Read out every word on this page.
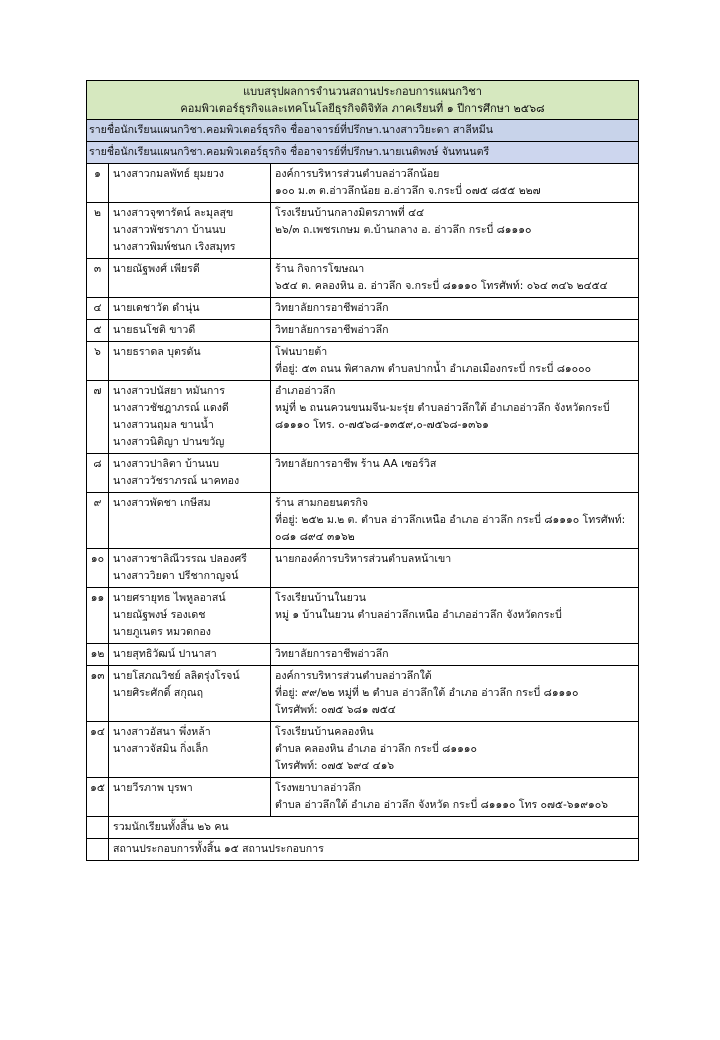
แบบสรุปผลการจำนวนสถานประกอบการแผนกวิชา
คอมพิวเตอร์ธุรกิจและเทคโนโลยีธุรกิจดิจิทัล ภาคเรียนที่ ๑ ปีการศึกษา ๒๕๖๘		

รายชื่อนักเรียนแผนกวิชา.คอมพิวเตอร์ธุรกิจ ชื่ออาจารย์ที่ปรึกษา.นางสาววิยะดา สาลีหมีน		
รายชื่อนักเรียนแผนกวิชา.คอมพิวเตอร์ธุรกิจ ชื่ออาจารย์ที่ปรึกษา.นายเนติพงษ์ จันทนนตรี		
๑	นางสาวกมลพัทธ์ ยุมยวง	องค์การบริหารส่วนตำบลอ่าวลึกน้อย
๑๐๐ ม.๓ ต.อ่าวลึกน้อย อ.อ่าวลึก จ.กระบี่ ๐๗๕ ๘๕๕ ๒๒๗

๒	นางสาวจุฑารัตน์ ละมุลสุข
นางสาวพัชราภา บ้านนบ
นางสาวพิมพ์ชนก เริงสมุทร	โรงเรียนบ้านกลางมิตรภาพที่ ๔๔
๒๖/๓ ถ.เพชรเกษม ต.บ้านกลาง อ. อ่าวลึก กระบี่ ๘๑๑๑๐

๓	นายณัฐพงศ์ เพียรดี	ร้าน กิจการโฆษณา
๖๕๔ ต. คลองหิน อ. อ่าวลึก จ.กระบี่ ๘๑๑๑๐ โทรศัพท์: ๐๖๔ ๓๔๖ ๒๔๕๔

๔	นายเดชาวัต ดำนุ่น	วิทยาลัยการอาชีพอ่าวลึก

๕	นายธนโชติ ขาวดี	วิทยาลัยการอาชีพอ่าวลึก

๖	นายธราดล บุตรดัน	โฟนบายต้า
ที่อยู่: ๕๓ ถนน พิศาลภพ ตำบลปากน้ำ อำเภอเมืองกระบี่ กระบี่ ๘๑๐๐๐

๗	นางสาวปนัสยา หมันการ
นางสาวชัชฎาภรณ์ แดงดี
นางสาวนฤมล ขานน้ำ
นางสาวนิติญา ปานขวัญ	อำเภออ่าวลึก
หมู่ที่ ๒ ถนนควนขนมจีน-มะรุ่ย ตำบลอ่าวลึกใต้ อำเภออ่าวลึก จังหวัดกระบี่
๘๑๑๑๐ โทร. ๐-๗๕๖๘-๑๓๕๙,๐-๗๕๖๘-๑๓๖๑

๘	นางสาวปาลิตา บ้านนบ
นางสาววัชราภรณ์ นาคทอง	วิทยาลัยการอาชีพ ร้าน AA เซอร์วิส

๙	นางสาวพัดชา เกษีสม	ร้าน สามกอยนตรกิจ
ที่อยู่: ๒๕๒ ม.๒ ต. ตำบล อ่าวลึกเหนือ อำเภอ อ่าวลึก กระบี่ ๘๑๑๑๐ โทรศัพท์:
๐๘๑ ๘๙๔ ๓๑๖๒

๑๐	นางสาวชาลิณีวรรณ ปลองศรี
นางสาววิยดา ปรีชากาญจน์	นายกองค์การบริหารส่วนตำบลหน้าเขา

๑๑	นายศรายุทธ ไพหูลอาสน์
นายณัฐพงษ์ รองเดช
นายภูเนตร หมวดกอง	โรงเรียนบ้านในยวน
หมู่ ๑ บ้านในยวน ตำบลอ่าวลึกเหนือ อำเภออ่าวลึก จังหวัดกระบี่

๑๒	นายสุทธิวัฒน์ ปานาสา	วิทยาลัยการอาชีพอ่าวลึก

๑๓	นายโสภณวิชย์ ลลิตรุ่งโรจน์
นายศิระศักดิ์ สกุณฤ	องค์การบริหารส่วนตำบลอ่าวลึกใต้
ที่อยู่: ๙๙/๒๒ หมู่ที่ ๒ ตำบล อ่าวลึกใต้ อำเภอ อ่าวลึก กระบี่ ๘๑๑๑๐
โทรศัพท์: ๐๗๕ ๖๘๑ ๗๕๔

๑๔	นางสาวอัสนา พึ่งหล้า
นางสาวจัสมิน กิ่งเล็ก	โรงเรียนบ้านคลองหิน
ตำบล คลองหิน อำเภอ อ่าวลึก กระบี่ ๘๑๑๑๐
โทรศัพท์: ๐๗๕ ๖๙๔ ๔๑๖

๑๕	นายวีรภาพ บุรพา	โรงพยาบาลอ่าวลึก
ตำบล อ่าวลึกใต้ อำเภอ อ่าวลึก จังหวัด กระบี่ ๘๑๑๑๐ โทร ๐๗๕-๖๑๙๑๐๖

	รวมนักเรียนทั้งสิ้น ๒๖ คน	
	สถานประกอบการทั้งสิ้น ๑๕ สถานประกอบการ	
